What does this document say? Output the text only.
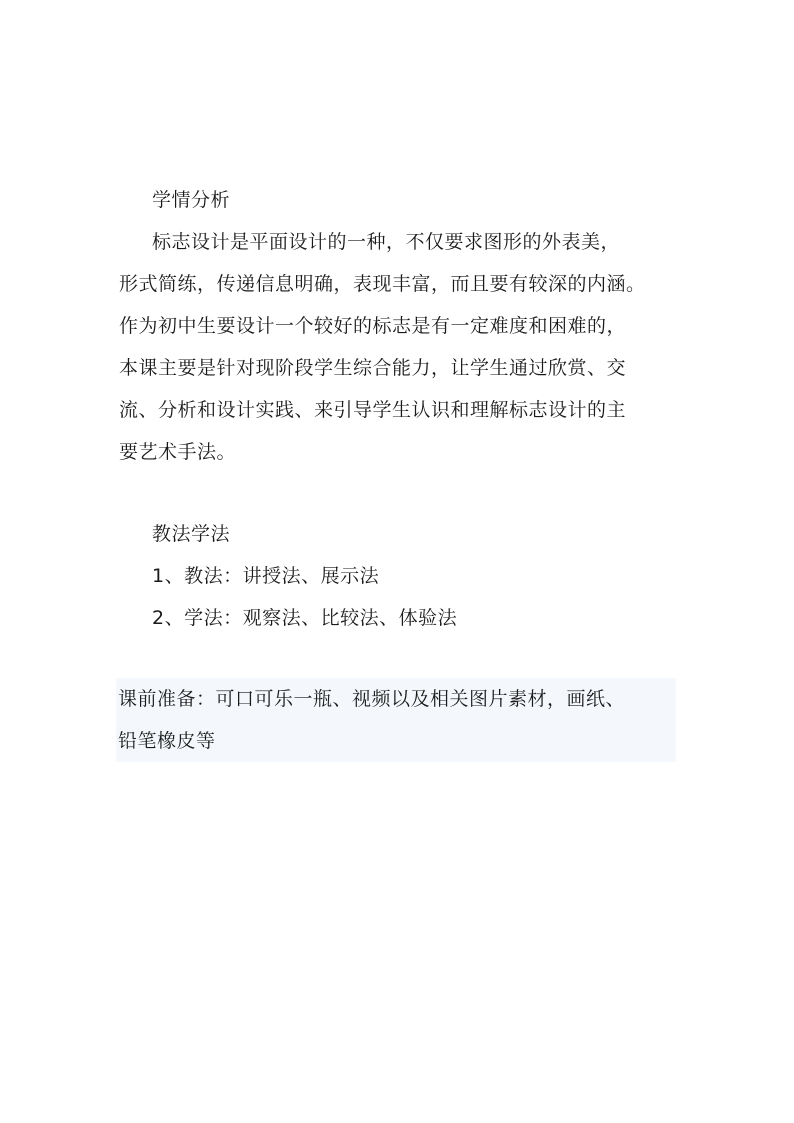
学情分析
标志设计是平面设计的一种，不仅要求图形的外表美，
形式简练，传递信息明确，表现丰富，而且要有较深的内涵。
作为初中生要设计一个较好的标志是有一定难度和困难的，
本课主要是针对现阶段学生综合能力，让学生通过欣赏、交
流、分析和设计实践、来引导学生认识和理解标志设计的主
要艺术手法。
教法学法
1、教法：讲授法、展示法
2、学法：观察法、比较法、体验法
课前准备：可口可乐一瓶、视频以及相关图片素材，画纸、
铅笔橡皮等
